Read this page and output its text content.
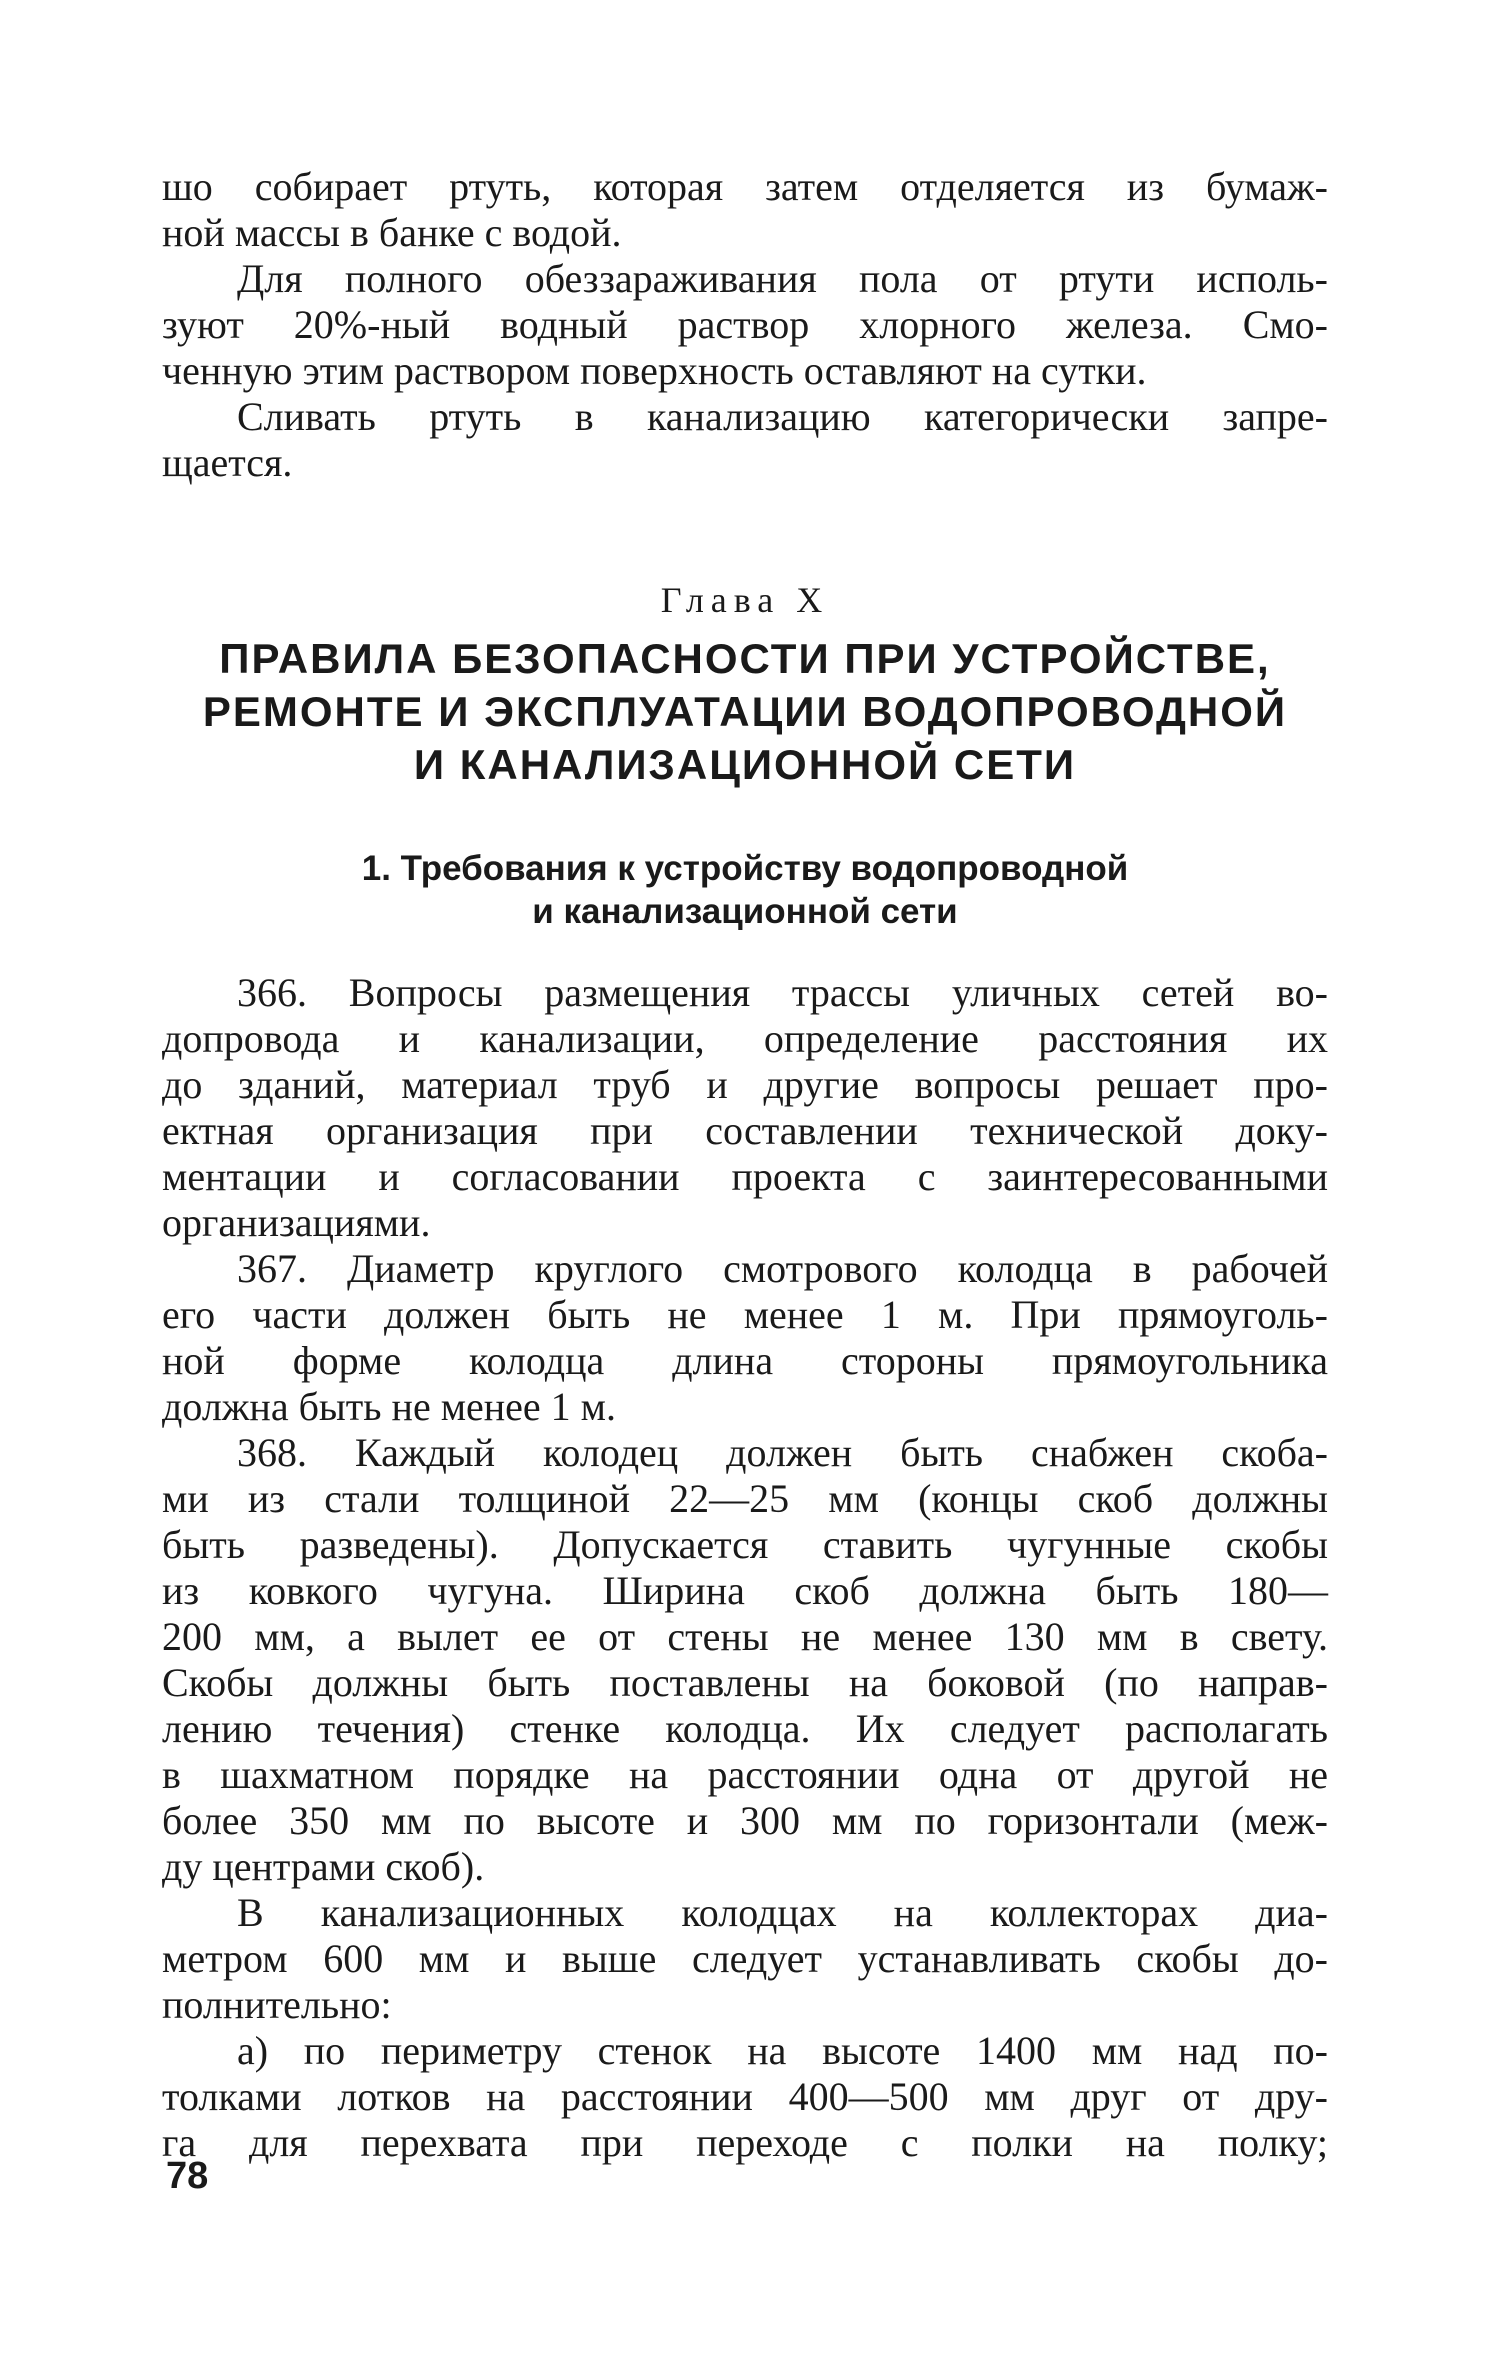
шо собирает ртуть, которая затем отделяется из бумаж-
ной массы в банке с водой.
Для полного обеззараживания пола от ртути исполь-
зуют 20%-ный водный раствор хлорного железа. Смо-
ченную этим раствором поверхность оставляют на сутки.
Сливать ртуть в канализацию категорически запре-
щается.
Глава X
ПРАВИЛА БЕЗОПАСНОСТИ ПРИ УСТРОЙСТВЕ,
РЕМОНТЕ И ЭКСПЛУАТАЦИИ ВОДОПРОВОДНОЙ
И КАНАЛИЗАЦИОННОЙ СЕТИ
1. Требования к устройству водопроводной
и канализационной сети
366. Вопросы размещения трассы уличных сетей во-
допровода и канализации, определение расстояния их
до зданий, материал труб и другие вопросы решает про-
ектная организация при составлении технической доку-
ментации и согласовании проекта с заинтересованными
организациями.
367. Диаметр круглого смотрового колодца в рабочей
его части должен быть не менее 1 м. При прямоуголь-
ной форме колодца длина стороны прямоугольника
должна быть не менее 1 м.
368. Каждый колодец должен быть снабжен скоба-
ми из стали толщиной 22—25 мм (концы скоб должны
быть разведены). Допускается ставить чугунные скобы
из ковкого чугуна. Ширина скоб должна быть 180—
200 мм, а вылет ее от стены не менее 130 мм в свету.
Скобы должны быть поставлены на боковой (по направ-
лению течения) стенке колодца. Их следует располагать
в шахматном порядке на расстоянии одна от другой не
более 350 мм по высоте и 300 мм по горизонтали (меж-
ду центрами скоб).
В канализационных колодцах на коллекторах диа-
метром 600 мм и выше следует устанавливать скобы до-
полнительно:
а) по периметру стенок на высоте 1400 мм над по-
толками лотков на расстоянии 400—500 мм друг от дру-
га для перехвата при переходе с полки на полку;
78
